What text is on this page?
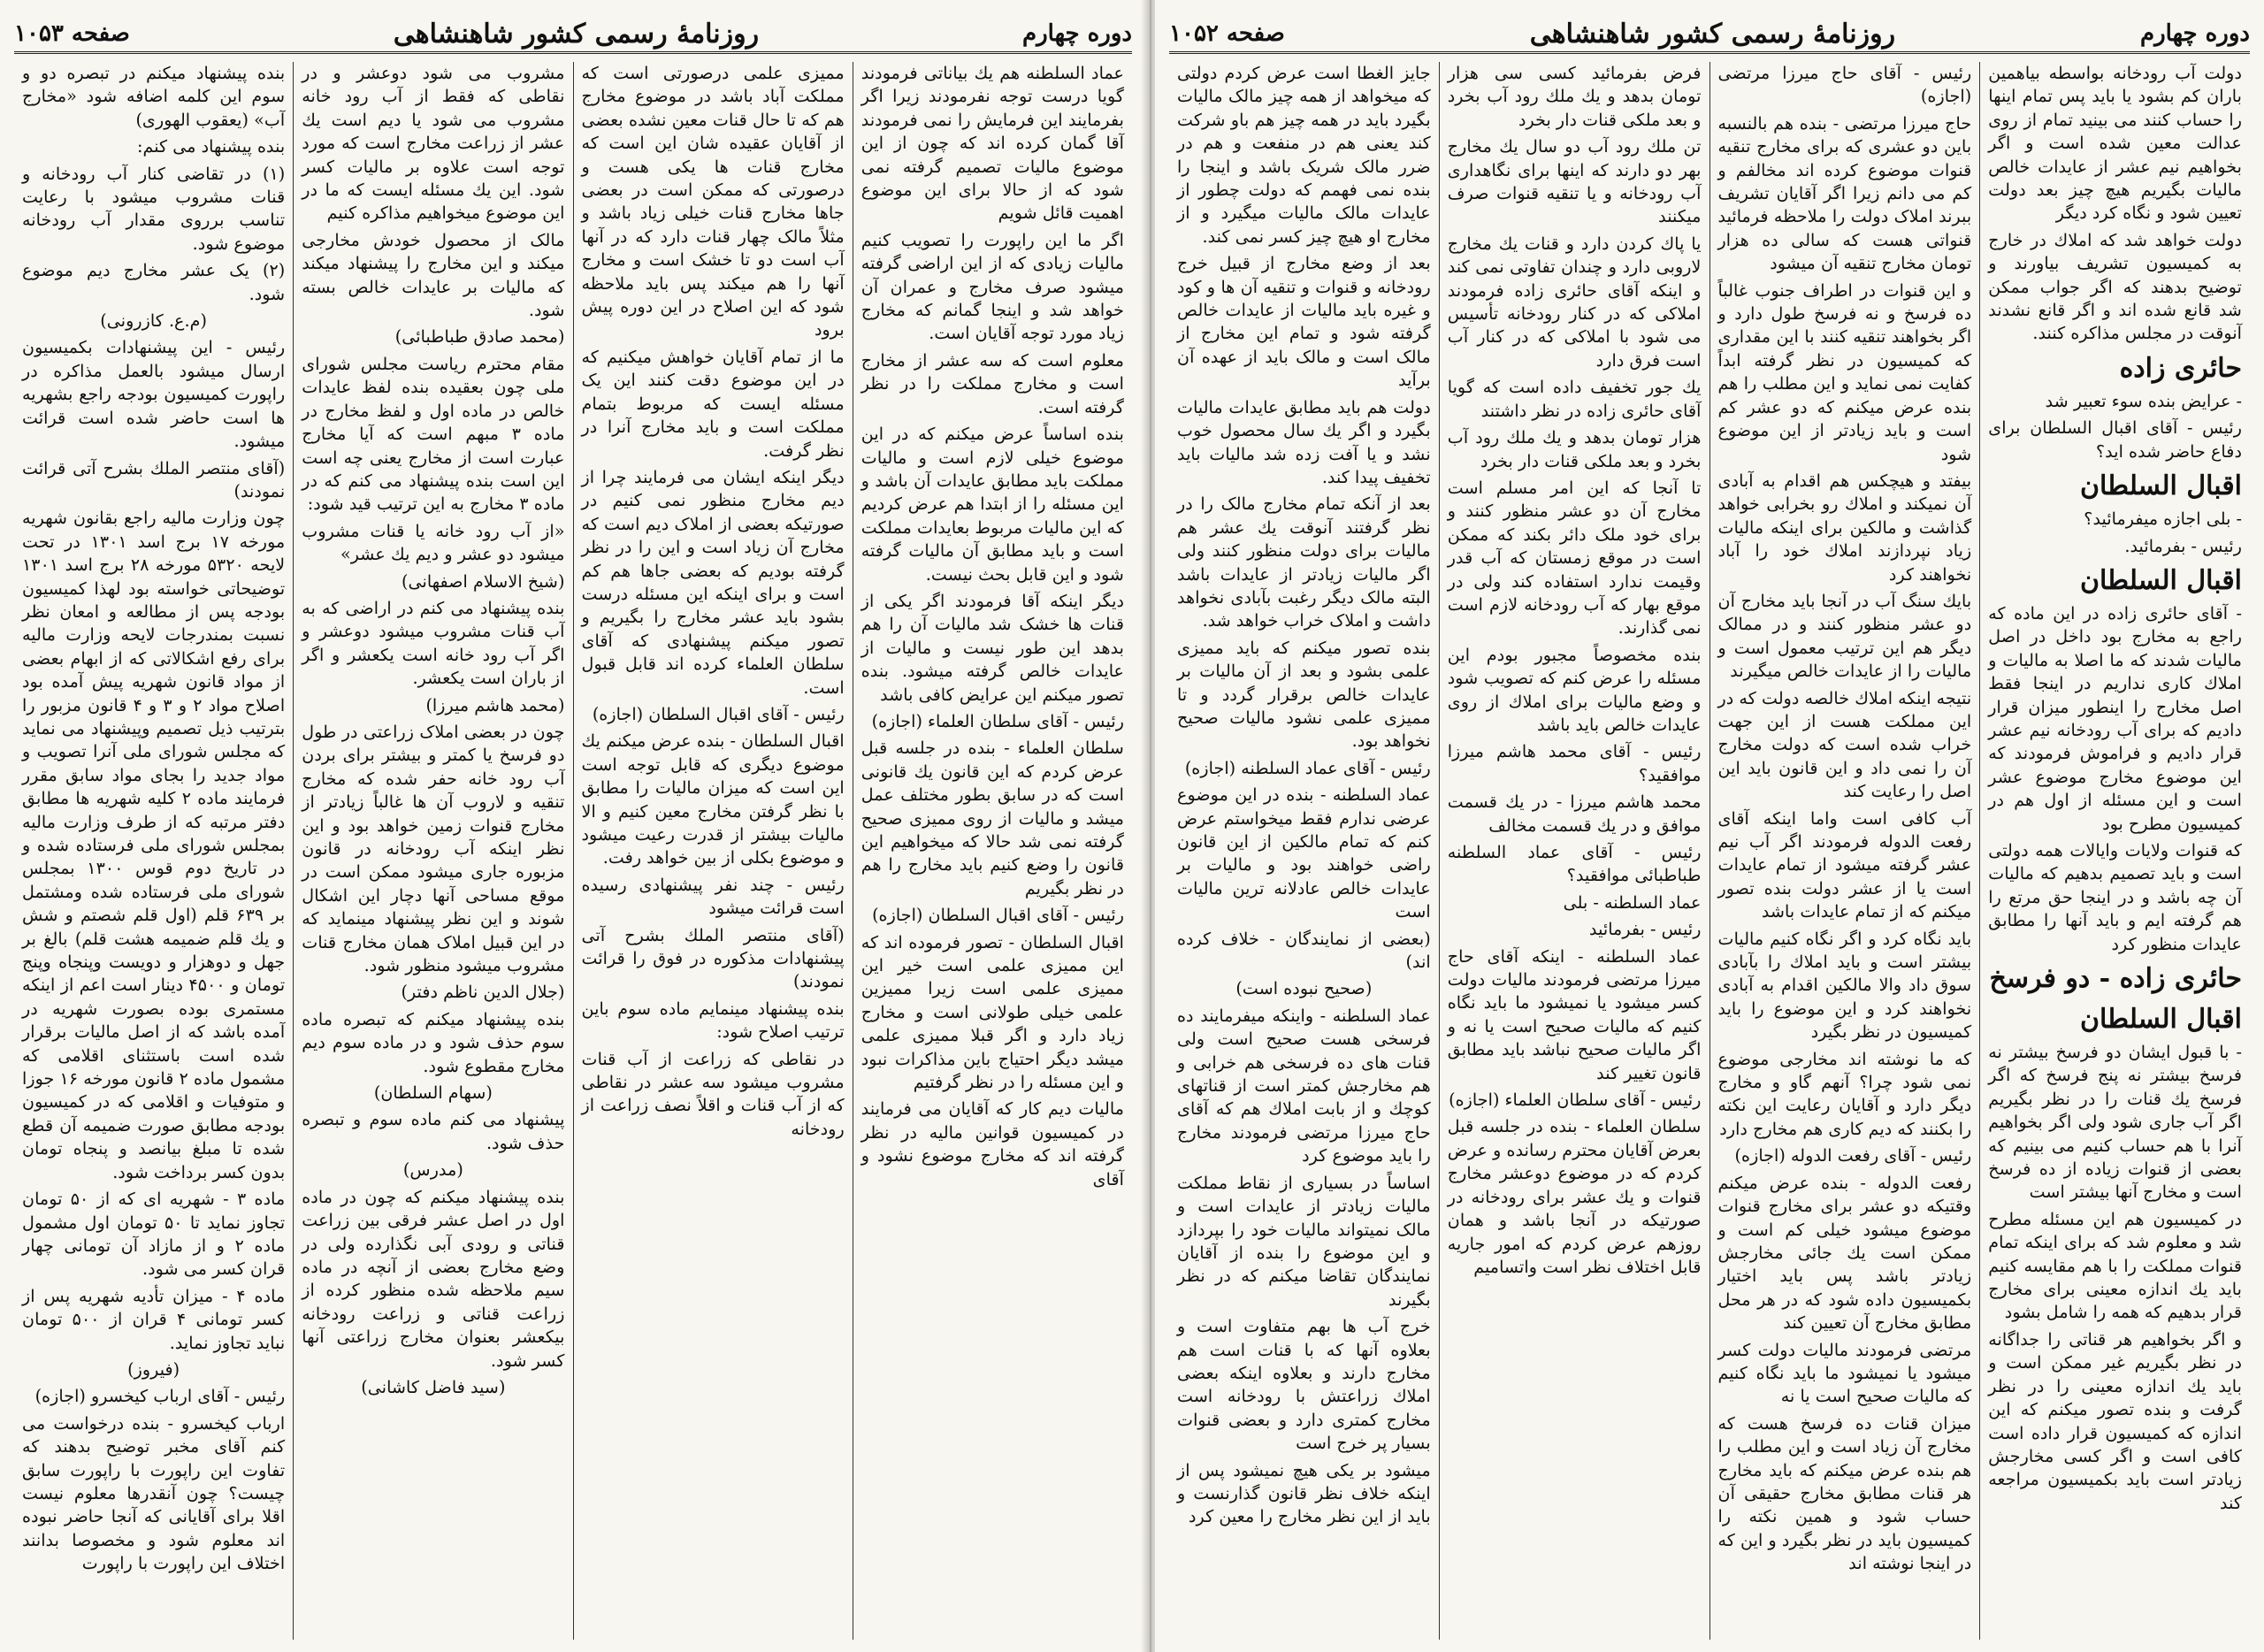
دوره چهارم
روزنامهٔ رسمی کشور شاهنشاهی
صفحه ۱۰۵۳

عماد السلطنه هم یك بیاناتی فرمودند گویا درست توجه نفرمودند زیرا اگر بفرمایند این فرمایش را نمی فرمودند آقا گمان کرده اند که چون از این موضوع مالیات تصمیم گرفته نمی شود که از حالا برای این موضوع اهمیت قائل شویم

اگر ما این راپورت را تصویب کنیم مالیات زیادی که از این اراضی گرفته میشود صرف مخارج و عمران آن خواهد شد و اینجا گمانم که مخارج زیاد مورد توجه آقایان است.

معلوم است که سه عشر از مخارج است و مخارج مملکت را در نظر گرفته است.

بنده اساساً عرض میکنم که در این موضوع خیلی لازم است و مالیات مملکت باید مطابق عایدات آن باشد و این مسئله را از ابتدا هم عرض کردیم که این مالیات مربوط بعایدات مملکت است و باید مطابق آن مالیات گرفته شود و این قابل بحث نیست.

دیگر اینکه آقا فرمودند اگر یکی از قنات ها خشک شد مالیات آن را هم بدهد این طور نیست و مالیات از عایدات خالص گرفته میشود. بنده تصور میکنم این عرایض کافی باشد

رئیس - آقای سلطان العلماء (اجازه)

سلطان العلماء - بنده در جلسه قبل عرض کردم که این قانون یك قانونی است که در سابق بطور مختلف عمل میشد و مالیات از روی ممیزی صحیح گرفته نمی شد حالا که میخواهیم این قانون را وضع کنیم باید مخارج را هم در نظر بگیریم

رئیس - آقای اقبال السلطان (اجازه)

اقبال السلطان - تصور فرموده اند که این ممیزی علمی است خیر این ممیزی علمی است زیرا ممیزین علمی خیلی طولانی است و مخارج زیاد دارد و اگر قبلا ممیزی علمی میشد دیگر احتیاج باین مذاکرات نبود و این مسئله را در نظر گرفتیم

مالیات دیم کار که آقایان می فرمایند در کمیسیون قوانین مالیه در نظر گرفته اند که مخارج موضوع نشود و آقای

ممیزی علمی درصورتی است که مملکت آباد باشد در موضوع مخارج هم که تا حال قنات معین نشده بعضی از آقایان عقیده شان این است که مخارج قنات ها یکی هست و درصورتی که ممکن است در بعضی جاها مخارج قنات خیلی زیاد باشد و مثلاً مالک چهار قنات دارد که در آنها آب است دو تا خشک است و مخارج آنها را هم میکند پس باید ملاحظه شود که این اصلاح در این دوره پیش برود

ما از تمام آقایان خواهش میکنیم که در این موضوع دقت کنند این یک مسئله ایست که مربوط بتمام مملکت است و باید مخارج آنرا در نظر گرفت.

دیگر اینکه ایشان می فرمایند چرا از دیم مخارج منظور نمی کنیم در صورتیکه بعضی از املاک دیم است که مخارج آن زیاد است و این را در نظر گرفته بودیم که بعضی جاها هم کم است و برای اینکه این مسئله درست بشود باید عشر مخارج را بگیریم و تصور میکنم پیشنهادی که آقای سلطان العلماء کرده اند قابل قبول است.

رئیس - آقای اقبال السلطان (اجازه)

اقبال السلطان - بنده عرض میکنم یك موضوع دیگری که قابل توجه است این است که میزان مالیات را مطابق با نظر گرفتن مخارج معین کنیم و الا مالیات بیشتر از قدرت رعیت میشود و موضوع بکلی از بین خواهد رفت.

رئیس - چند نفر پیشنهادی رسیده است قرائت میشود

(آقای منتصر الملك بشرح آتی پیشنهادات مذکوره در فوق را قرائت نمودند)

بنده پیشنهاد مینمایم ماده سوم باین ترتیب اصلاح شود:

در نقاطی که زراعت از آب قنات مشروب میشود سه عشر در نقاطی که از آب قنات و اقلاً نصف زراعت از رودخانه

مشروب می شود دوعشر و در نقاطی که فقط از آب رود خانه مشروب می شود یا دیم است یك عشر از زراعت مخارج است که مورد توجه است علاوه بر مالیات کسر شود. این یك مسئله ایست که ما در این موضوع میخواهیم مذاکره کنیم

مالک از محصول خودش مخارجی میکند و این مخارج را پیشنهاد میکند که مالیات بر عایدات خالص بسته شود.

(محمد صادق طباطبائی)

مقام محترم ریاست مجلس شورای ملی چون بعقیده بنده لفظ عایدات خالص در ماده اول و لفظ مخارج در ماده ۳ مبهم است که آیا مخارج عبارت است از مخارج یعنی چه است این است بنده پیشنهاد می کنم که در ماده ۳ مخارج به این ترتیب قید شود:

«از آب رود خانه یا قنات مشروب میشود دو عشر و دیم یك عشر»

(شیخ الاسلام اصفهانی)

بنده پیشنهاد می کنم در اراضی که به آب قنات مشروب میشود دوعشر و اگر آب رود خانه است یکعشر و اگر از باران است یکعشر.

(محمد هاشم میرزا)

چون در بعضی املاک زراعتی در طول دو فرسخ یا کمتر و بیشتر برای بردن آب رود خانه حفر شده که مخارج تنقیه و لاروب آن ها غالباً زیادتر از مخارج قنوات زمین خواهد بود و این نظر اینکه آب رودخانه در قانون مزبوره جاری میشود ممکن است در موقع مساحی آنها دچار این اشکال شوند و این نظر پیشنهاد مینماید که در این قبیل املاک همان مخارج قنات مشروب میشود منظور شود.

(جلال الدین ناظم دفتر)

بنده پیشنهاد میکنم که تبصره ماده سوم حذف شود و در ماده سوم دیم مخارج مقطوع شود.

(سهام السلطان)

پیشنهاد می کنم ماده سوم و تبصره حذف شود.

(مدرس)

بنده پیشنهاد میکنم که چون در ماده اول در اصل عشر فرقی بین زراعت قناتی و رودی آبی نگذارده ولی در وضع مخارج بعضی از آنچه در ماده سیم ملاحظه شده منظور کرده از زراعت قناتی و زراعت رودخانه بیکعشر بعنوان مخارج زراعتی آنها کسر شود.

(سید فاضل کاشانی)

بنده پیشنهاد میکنم در تبصره دو و سوم این کلمه اضافه شود «مخارج آب» (یعقوب الهوری)

بنده پیشنهاد می کنم:

(۱) در تقاضی کنار آب رودخانه و قنات مشروب میشود با رعایت تناسب برروی مقدار آب رودخانه موضوع شود.

(۲) یک عشر مخارج دیم موضوع شود.

(م.ع. کازرونی)

رئیس - این پیشنهادات بکمیسیون ارسال میشود بالعمل مذاکره در راپورت کمیسیون بودجه راجع بشهریه ها است حاضر شده است قرائت میشود.

(آقای منتصر الملك بشرح آتی قرائت نمودند)

چون وزارت مالیه راجع بقانون شهریه مورخه ۱۷ برج اسد ۱۳۰۱ در تحت لایحه ۵۳۲۰ مورخه ۲۸ برج اسد ۱۳۰۱ توضیحاتی خواسته بود لهذا کمیسیون بودجه پس از مطالعه و امعان نظر نسبت بمندرجات لایحه وزارت مالیه برای رفع اشکالاتی که از ابهام بعضی از مواد قانون شهریه پیش آمده بود اصلاح مواد ۲ و ۳ و ۴ قانون مزبور را بترتیب ذیل تصمیم وپیشنهاد می نماید که مجلس شورای ملی آنرا تصویب و مواد جدید را بجای مواد سابق مقرر فرمایند ماده ۲ کلیه شهریه ها مطابق دفتر مرتبه که از طرف وزارت مالیه بمجلس شورای ملی فرستاده شده و در تاریخ دوم قوس ۱۳۰۰ بمجلس شورای ملی فرستاده شده ومشتمل بر ۶۳۹ قلم (اول قلم شصتم و شش و یك قلم ضمیمه هشت قلم) بالغ بر جهل و دوهزار و دویست وپنجاه وپنج تومان و ۴۵۰۰ دینار است اعم از اینکه مستمری بوده بصورت شهریه در آمده باشد که از اصل مالیات برقرار شده است باستثنای اقلامی که مشمول ماده ۲ قانون مورخه ۱۶ جوزا و متوفیات و اقلامی که در کمیسیون بودجه مطابق صورت ضمیمه آن قطع شده تا مبلغ بیانصد و پنجاه تومان بدون کسر برداخت شود.

ماده ۳ - شهریه ای که از ۵۰ تومان تجاوز نماید تا ۵۰ تومان اول مشمول ماده ۲ و از مازاد آن تومانی چهار قران کسر می شود.

ماده ۴ - میزان تأدیه شهریه پس از کسر تومانی ۴ قران از ۵۰۰ تومان نباید تجاوز نماید.

(فیروز)

رئیس - آقای ارباب کیخسرو (اجازه)

ارباب کیخسرو - بنده درخواست می کنم آقای مخبر توضیح بدهند که تفاوت این راپورت با راپورت سابق چیست؟ چون آنقدرها معلوم نیست اقلا برای آقایانی که آنجا حاضر نبوده اند معلوم شود و مخصوصا بدانند اختلاف این راپورت با راپورت

دوره چهارم
روزنامهٔ رسمی کشور شاهنشاهی
صفحه ۱۰۵۲

دولت آب رودخانه بواسطه بیاهمین باران کم بشود یا باید پس تمام اینها را حساب کنند می بینید تمام از روی عدالت معین شده است و اگر بخواهیم نیم عشر از عایدات خالص مالیات بگیریم هیچ چیز بعد دولت تعیین شود و نگاه کرد دیگر

دولت خواهد شد که املاك در خارج به کمیسیون تشریف بیاورند و توضیح بدهند که اگر جواب ممکن شد قانع شده اند و اگر قانع نشدند آنوقت در مجلس مذاکره کنند.

حائری زاده

- عرایض بنده سوء تعبیر شد

رئیس - آقای اقبال السلطان برای دفاع حاضر شده اید؟

اقبال السلطان

- بلی اجازه میفرمائید؟

رئیس - بفرمائید.

اقبال السلطان

- آقای حائری زاده در این ماده که راجع به مخارج بود داخل در اصل مالیات شدند که ما اصلا به مالیات و املاك کاری نداریم در اینجا فقط اصل مخارج را اینطور میزان قرار دادیم که برای آب رودخانه نیم عشر قرار دادیم و فراموش فرمودند که این موضوع مخارج موضوع عشر است و این مسئله از اول هم در کمیسیون مطرح بود

که قنوات ولایات وایالات همه دولتی است و باید تصمیم بدهیم که مالیات آن چه باشد و در اینجا حق مرتع را هم گرفته ایم و باید آنها را مطابق عایدات منظور کرد

حائری زاده - دو فرسخ
اقبال السلطان

- با قبول ایشان دو فرسخ بیشتر نه فرسخ بیشتر نه پنج فرسخ که اگر فرسخ یك قنات را در نظر بگیریم اگر آب جاری شود ولی اگر بخواهیم آنرا با هم حساب کنیم می بینیم که بعضی از قنوات زیاده از ده فرسخ است و مخارج آنها بیشتر است

در کمیسیون هم این مسئله مطرح شد و معلوم شد که برای اینکه تمام قنوات مملکت را با هم مقایسه کنیم باید یك اندازه معینی برای مخارج قرار بدهیم که همه را شامل بشود

و اگر بخواهیم هر قناتی را جداگانه در نظر بگیریم غیر ممکن است و باید یك اندازه معینی را در نظر گرفت و بنده تصور میکنم که این اندازه که کمیسیون قرار داده است کافی است و اگر کسی مخارجش زیادتر است باید بکمیسیون مراجعه کند

رئیس - آقای حاج میرزا مرتضی (اجازه)

حاج میرزا مرتضی - بنده هم بالنسبه باین دو عشری که برای مخارج تنقیه قنوات موضوع کرده اند مخالفم و کم می دانم زیرا اگر آقایان تشریف ببرند املاک دولت را ملاحظه فرمائید قنواتی هست که سالی ده هزار تومان مخارج تنقیه آن میشود

و این قنوات در اطراف جنوب غالباً ده فرسخ و نه فرسخ طول دارد و اگر بخواهند تنقیه کنند با این مقداری که کمیسیون در نظر گرفته ابداً کفایت نمی نماید و این مطلب را هم بنده عرض میکنم که دو عشر کم است و باید زیادتر از این موضوع شود

بیفتد و هیچکس هم اقدام به آبادی آن نمیکند و املاك رو بخرابی خواهد گذاشت و مالکین برای اینکه مالیات زیاد نپردازند املاك خود را آباد نخواهند کرد

بایك سنگ آب در آنجا باید مخارج آن دو عشر منظور کنند و در ممالک دیگر هم این ترتیب معمول است و مالیات را از عایدات خالص میگیرند

نتیجه اینکه املاك خالصه دولت که در این مملکت هست از این جهت خراب شده است که دولت مخارج آن را نمی داد و این قانون باید این اصل را رعایت کند

آب کافی است واما اینکه آقای رفعت الدوله فرمودند اگر آب نیم عشر گرفته میشود از تمام عایدات است یا از عشر دولت بنده تصور میکنم که از تمام عایدات باشد

باید نگاه کرد و اگر نگاه کنیم مالیات بیشتر است و باید املاك را بآبادی سوق داد والا مالکین اقدام به آبادی نخواهند کرد و این موضوع را باید کمیسیون در نظر بگیرد

که ما نوشته اند مخارجی موضوع نمی شود چرا؟ آنهم گاو و مخارج دیگر دارد و آقایان رعایت این نکته را بکنند که دیم کاری هم مخارج دارد

رئیس - آقای رفعت الدوله (اجازه)

رفعت الدوله - بنده عرض میکنم وقتیکه دو عشر برای مخارج قنوات موضوع میشود خیلی کم است و ممکن است یك جائی مخارجش زیادتر باشد پس باید اختیار بکمیسیون داده شود که در هر محل مطابق مخارج آن تعیین کند

مرتضی فرمودند مالیات دولت کسر میشود یا نمیشود ما باید نگاه کنیم که مالیات صحیح است یا نه

میزان قنات ده فرسخ هست که مخارج آن زیاد است و این مطلب را هم بنده عرض میکنم که باید مخارج هر قنات مطابق مخارج حقیقی آن حساب شود و همین نکته را کمیسیون باید در نظر بگیرد و این که در اینجا نوشته اند

فرض بفرمائید کسی سی هزار تومان بدهد و یك ملك رود آب بخرد و بعد ملكی قنات دار بخرد

تن ملك رود آب دو سال یك مخارج بهر دو دارند که اینها برای نگاهداری آب رودخانه و یا تنقیه قنوات صرف میکنند

یا پاك کردن دارد و قنات یك مخارج لاروبی دارد و چندان تفاوتی نمی کند و اینکه آقای حائری زاده فرمودند املاکی که در کنار رودخانه تأسیس می شود با املاکی که در کنار آب است فرق دارد

یك جور تخفیف داده است که گویا آقای حائری زاده در نظر داشتند

هزار تومان بدهد و یك ملك رود آب بخرد و بعد ملكی قنات دار بخرد

تا آنجا که این امر مسلم است مخارج آن دو عشر منظور کنند و برای خود ملک دائر بکند که ممکن است در موقع زمستان که آب قدر وقیمت ندارد استفاده کند ولی در موقع بهار که آب رودخانه لازم است نمی گذارند.

بنده مخصوصاً مجبور بودم این مسئله را عرض کنم که تصویب شود و وضع مالیات برای املاك از روی عایدات خالص باید باشد

رئیس - آقای محمد هاشم میرزا موافقید؟

محمد هاشم میرزا - در یك قسمت موافق و در یك قسمت مخالف

رئیس - آقای عماد السلطنه طباطبائی موافقید؟

عماد السلطنه - بلی

رئیس - بفرمائید

عماد السلطنه - اینکه آقای حاج میرزا مرتضی فرمودند مالیات دولت کسر میشود یا نمیشود ما باید نگاه کنیم که مالیات صحیح است یا نه و اگر مالیات صحیح نباشد باید مطابق قانون تغییر کند

رئیس - آقای سلطان العلماء (اجازه)

سلطان العلماء - بنده در جلسه قبل بعرض آقایان محترم رسانده و عرض کردم که در موضوع دوعشر مخارج قنوات و یك عشر برای رودخانه در صورتیکه در آنجا باشد و همان روزهم عرض کردم که امور جاریه قابل اختلاف نظر است واتسامیم

جایز الغطا است عرض کردم دولتی که میخواهد از همه چیز مالک مالیات بگیرد باید در همه چیز هم باو شرکت کند یعنی هم در منفعت و هم در ضرر مالک شریک باشد و اینجا را بنده نمی فهمم که دولت چطور از عایدات مالک مالیات میگیرد و از مخارج او هیچ چیز کسر نمی کند.

بعد از وضع مخارج از قبیل خرج رودخانه و قنوات و تنقیه آن ها و کود و غیره باید مالیات از عایدات خالص گرفته شود و تمام این مخارج از مالک است و مالک باید از عهده آن برآید

دولت هم باید مطابق عایدات مالیات بگیرد و اگر یك سال محصول خوب نشد و یا آفت زده شد مالیات باید تخفیف پیدا کند.

بعد از آنکه تمام مخارج مالک را در نظر گرفتند آنوقت یك عشر هم مالیات برای دولت منظور کنند ولی اگر مالیات زیادتر از عایدات باشد البته مالک دیگر رغبت بآبادی نخواهد داشت و املاک خراب خواهد شد.

بنده تصور میکنم که باید ممیزی علمی بشود و بعد از آن مالیات بر عایدات خالص برقرار گردد و تا ممیزی علمی نشود مالیات صحیح نخواهد بود.

رئیس - آقای عماد السلطنه (اجازه)

عماد السلطنه - بنده در این موضوع عرضی ندارم فقط میخواستم عرض کنم که تمام مالکین از این قانون راضی خواهند بود و مالیات بر عایدات خالص عادلانه ترین مالیات است

(بعضی از نمایندگان - خلاف کرده اند)

(صحیح نبوده است)

عماد السلطنه - واینکه میفرمایند ده فرسخی هست صحیح است ولی قنات های ده فرسخی هم خرابی و هم مخارجش کمتر است از قناتهای کوچك و از بابت املاك هم که آقای حاج میرزا مرتضی فرمودند مخارج را باید موضوع کرد

اساساً در بسیاری از نقاط مملکت مالیات زیادتر از عایدات است و مالک نمیتواند مالیات خود را بپردازد و این موضوع را بنده از آقایان نمایندگان تقاضا میکنم که در نظر بگیرند

خرج آب ها بهم متفاوت است و بعلاوه آنها که با قنات است هم مخارج دارند و بعلاوه اینکه بعضی املاك زراعتش با رودخانه است مخارج کمتری دارد و بعضی قنوات بسیار پر خرج است

میشود بر یکی هیچ نمیشود پس از اینکه خلاف نظر قانون گذارنست و باید از این نظر مخارج را معین کرد
